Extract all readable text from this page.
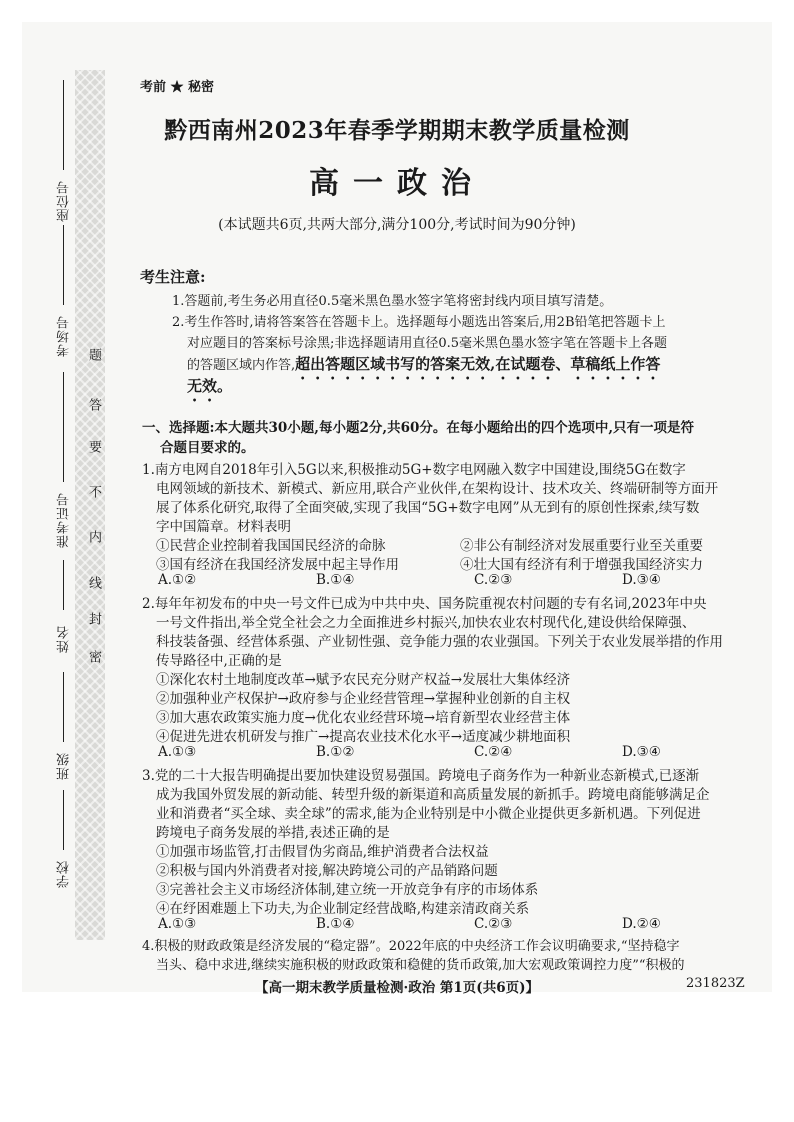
座位号
考场号
准考证号
姓名
班级
学校
题
答
要
不
内
线
封
密
考前 ★ 秘密
黔西南州2023年春季学期期末教学质量检测
高一政治
(本试题共6页,共两大部分,满分100分,考试时间为90分钟)
考生注意:
1.答题前,考生务必用直径0.5毫米黑色墨水签字笔将密封线内项目填写清楚。
2.考生作答时,请将答案答在答题卡上。选择题每小题选出答案后,用2B铅笔把答题卡上
对应题目的答案标号涂黑;非选择题请用直径0.5毫米黑色墨水签字笔在答题卡上各题
的答题区域内作答,超出答题区域书写的答案无效,在试题卷、草稿纸上作答
无效。
一、选择题:本大题共30小题,每小题2分,共60分。在每小题给出的四个选项中,只有一项是符
合题目要求的。
1.南方电网自2018年引入5G以来,积极推动5G+数字电网融入数字中国建设,围绕5G在数字
电网领域的新技术、新模式、新应用,联合产业伙伴,在架构设计、技术攻关、终端研制等方面开
展了体系化研究,取得了全面突破,实现了我国“5G+数字电网”从无到有的原创性探索,续写数
字中国篇章。材料表明
①民营企业控制着我国国民经济的命脉	②非公有制经济对发展重要行业至关重要
③国有经济在我国经济发展中起主导作用	④壮大国有经济有利于增强我国经济实力
A.①②	B.①④	C.②③	D.③④
2.每年年初发布的中央一号文件已成为中共中央、国务院重视农村问题的专有名词,2023年中央
一号文件指出,举全党全社会之力全面推进乡村振兴,加快农业农村现代化,建设供给保障强、
科技装备强、经营体系强、产业韧性强、竞争能力强的农业强国。下列关于农业发展举措的作用
传导路径中,正确的是
①深化农村土地制度改革→赋予农民充分财产权益→发展壮大集体经济
②加强种业产权保护→政府参与企业经营管理→掌握种业创新的自主权
③加大惠农政策实施力度→优化农业经营环境→培育新型农业经营主体
④促进先进农机研发与推广→提高农业技术化水平→适度减少耕地面积
A.①③	B.①②	C.②④	D.③④
3.党的二十大报告明确提出要加快建设贸易强国。跨境电子商务作为一种新业态新模式,已逐渐
成为我国外贸发展的新动能、转型升级的新渠道和高质量发展的新抓手。跨境电商能够满足企
业和消费者“买全球、卖全球”的需求,能为企业特别是中小微企业提供更多新机遇。下列促进
跨境电子商务发展的举措,表述正确的是
①加强市场监管,打击假冒伪劣商品,维护消费者合法权益
②积极与国内外消费者对接,解决跨境公司的产品销路问题
③完善社会主义市场经济体制,建立统一开放竞争有序的市场体系
④在纾困难题上下功夫,为企业制定经营战略,构建亲清政商关系
A.①③	B.①④	C.②③	D.②④
4.积极的财政政策是经济发展的“稳定器”。2022年底的中央经济工作会议明确要求,“坚持稳字
当头、稳中求进,继续实施积极的财政政策和稳健的货币政策,加大宏观政策调控力度”“积极的
【高一期末教学质量检测·政治 第1页(共6页)】	231823Z
